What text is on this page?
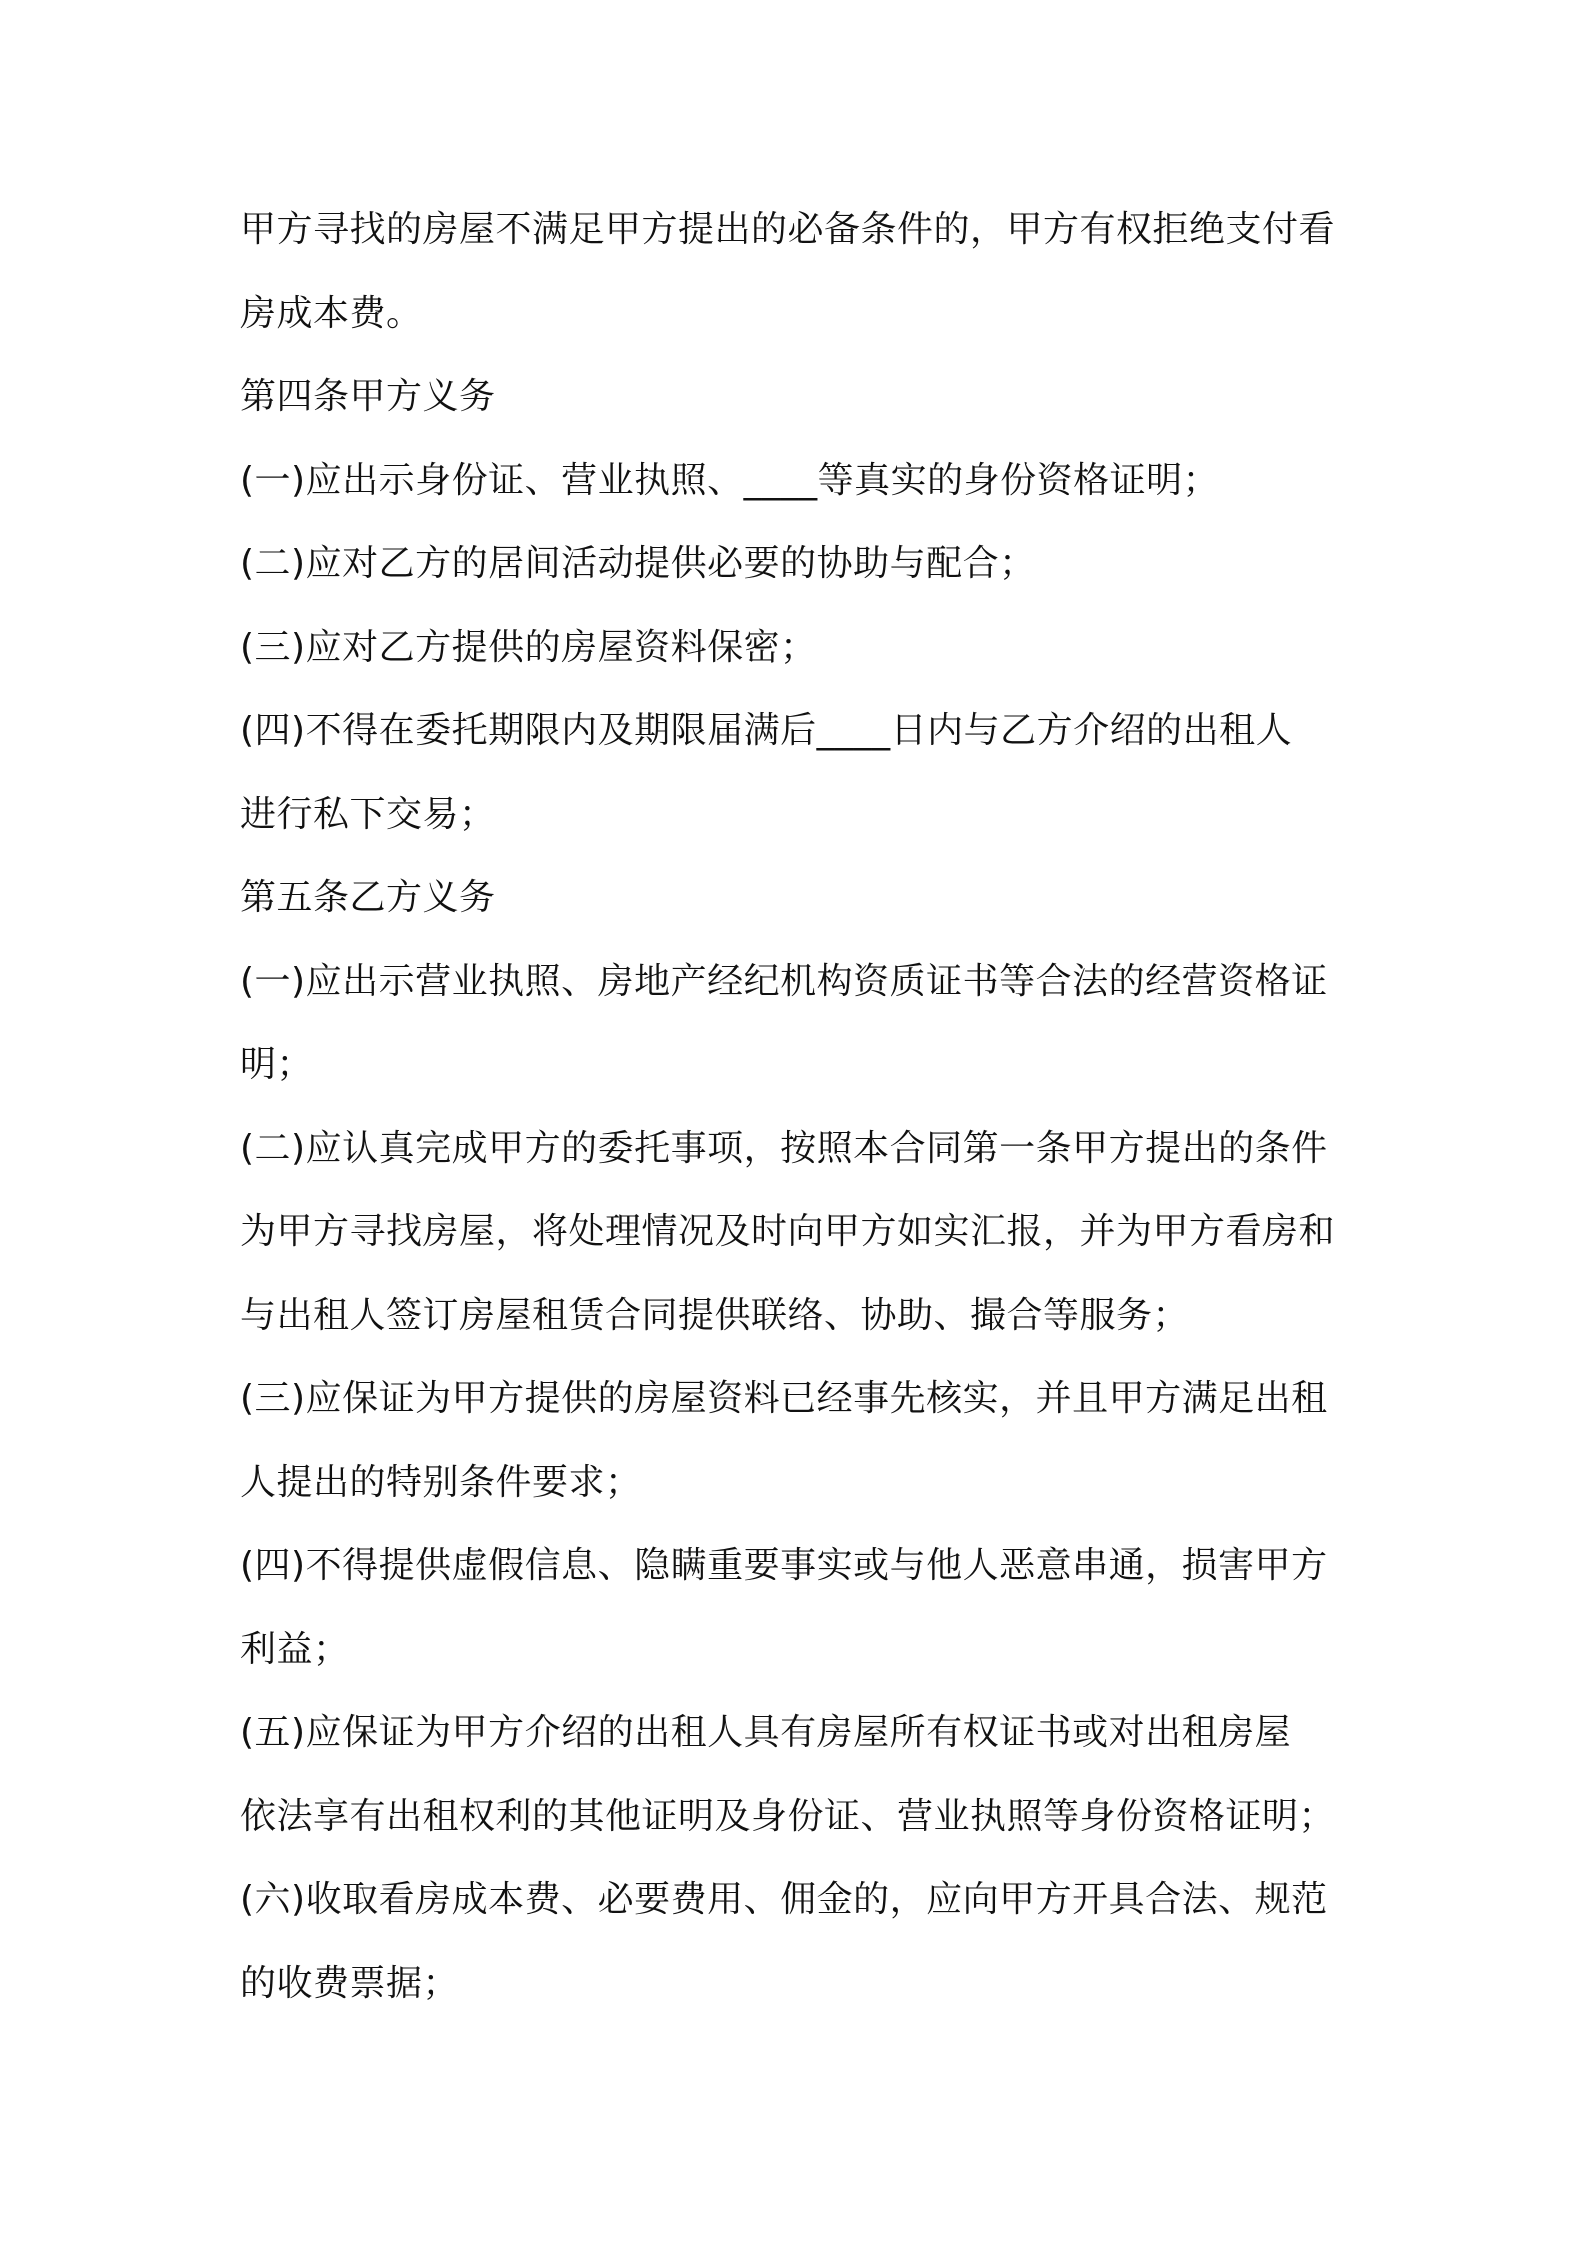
甲方寻找的房屋不满足甲方提出的必备条件的，甲方有权拒绝支付看
房成本费。
第四条甲方义务
(一)应出示身份证、营业执照、____等真实的身份资格证明；
(二)应对乙方的居间活动提供必要的协助与配合；
(三)应对乙方提供的房屋资料保密；
(四)不得在委托期限内及期限届满后____日内与乙方介绍的出租人
进行私下交易；
第五条乙方义务
(一)应出示营业执照、房地产经纪机构资质证书等合法的经营资格证
明；
(二)应认真完成甲方的委托事项，按照本合同第一条甲方提出的条件
为甲方寻找房屋，将处理情况及时向甲方如实汇报，并为甲方看房和
与出租人签订房屋租赁合同提供联络、协助、撮合等服务；
(三)应保证为甲方提供的房屋资料已经事先核实，并且甲方满足出租
人提出的特别条件要求；
(四)不得提供虚假信息、隐瞒重要事实或与他人恶意串通，损害甲方
利益；
(五)应保证为甲方介绍的出租人具有房屋所有权证书或对出租房屋
依法享有出租权利的其他证明及身份证、营业执照等身份资格证明；
(六)收取看房成本费、必要费用、佣金的，应向甲方开具合法、规范
的收费票据；
